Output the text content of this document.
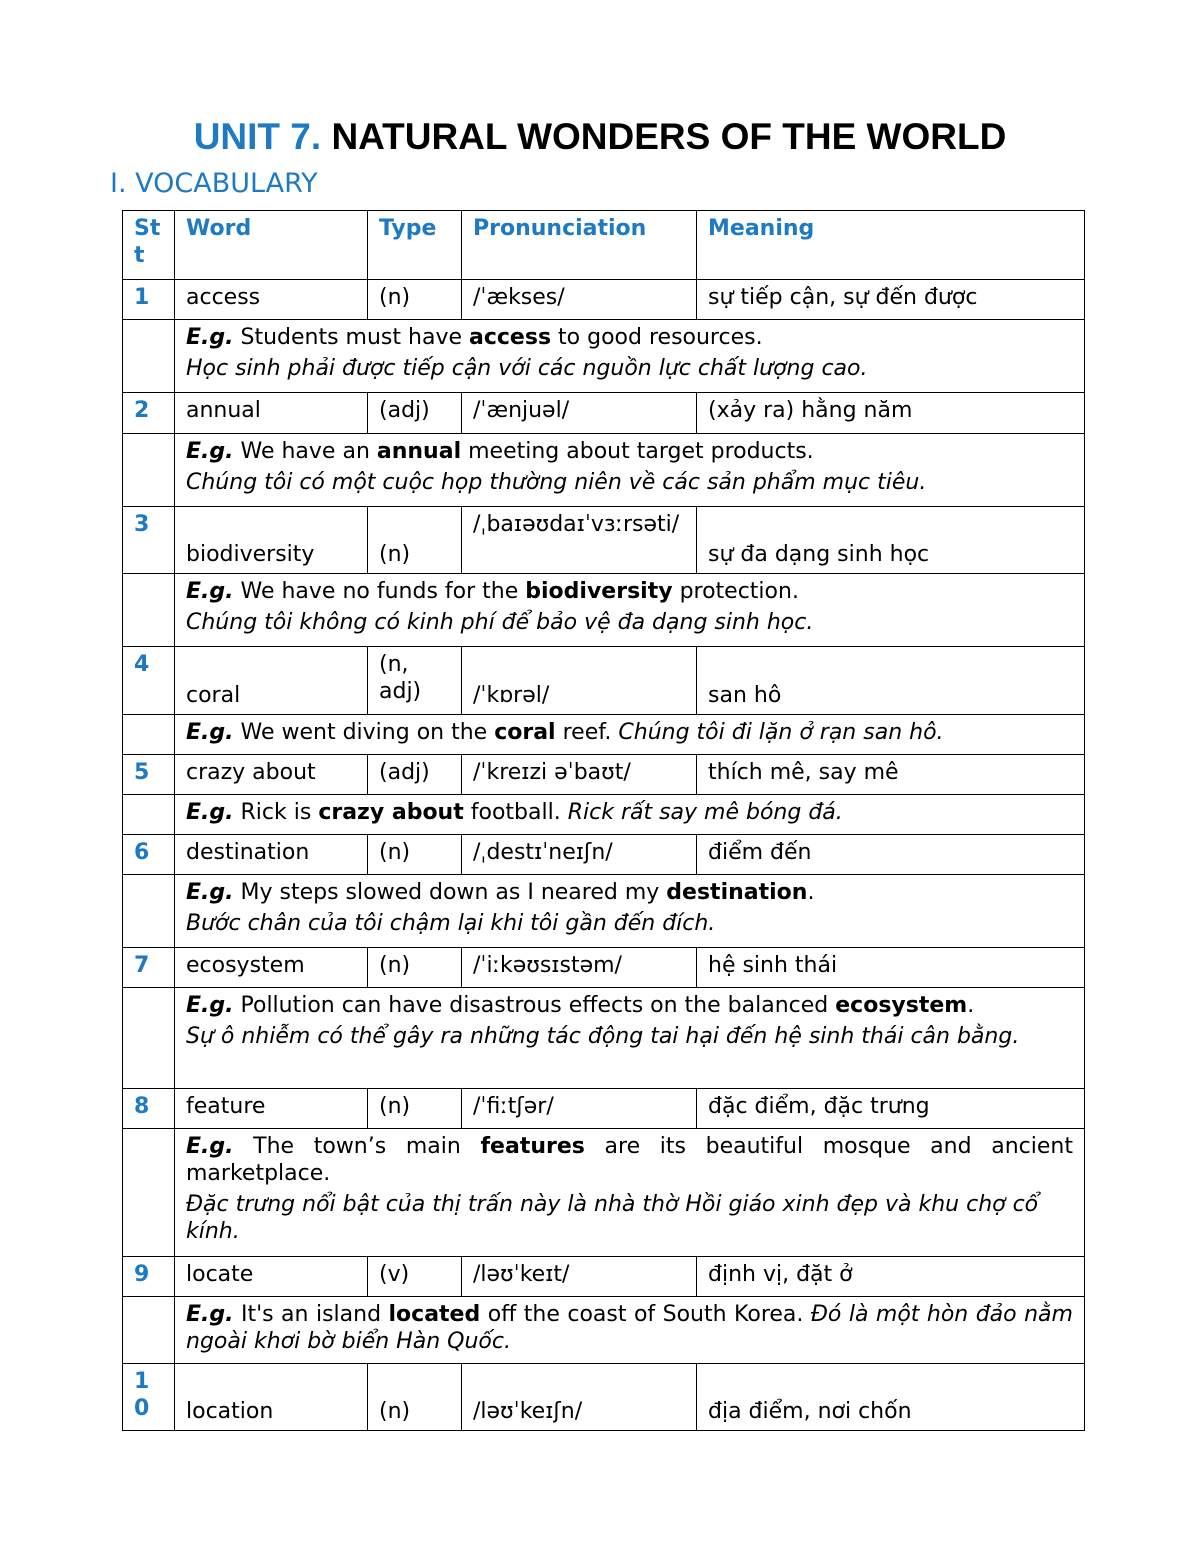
UNIT 7. NATURAL WONDERS OF THE WORLD
I. VOCABULARY
St t	Word	Type	Pronunciation	Meaning
1	access	(n)	/ˈækses/	sự tiếp cận, sự đến được

	E.g. Students must have access to good resources.
Học sinh phải được tiếp cận với các nguồn lực chất lượng cao.			

2	annual	(adj)	/ˈænjuəl/	(xảy ra) hằng năm

	E.g. We have an annual meeting about target products.
Chúng tôi có một cuộc họp thường niên về các sản phẩm mục tiêu.			

3	biodiversity	(n)	/ˌbaɪəʊdaɪˈvɜːrsəti/	sự đa dạng sinh học

	E.g. We have no funds for the biodiversity protection.
Chúng tôi không có kinh phí để bảo vệ đa dạng sinh học.			

4	coral	(n, adj)	/ˈkɒrəl/	san hô
	E.g. We went diving on the coral reef. Chúng tôi đi lặn ở rạn san hô.			
5	crazy about	(adj)	/ˈkreɪzi əˈbaʊt/	thích mê, say mê
	E.g. Rick is crazy about football. Rick rất say mê bóng đá.			
6	destination	(n)	/ˌdestɪˈneɪʃn/	điểm đến

	E.g. My steps slowed down as I neared my destination.
Bước chân của tôi chậm lại khi tôi gần đến đích.			

7	ecosystem	(n)	/ˈiːkəʊsɪstəm/	hệ sinh thái

	E.g. Pollution can have disastrous effects on the balanced ecosystem.
Sự ô nhiễm có thể gây ra những tác động tai hại đến hệ sinh thái cân bằng.			

8	feature	(n)	/ˈfiːtʃər/	đặc điểm, đặc trưng

	E.g. The town’s main features are its beautiful mosque and ancient marketplace.
Đặc trưng nổi bật của thị trấn này là nhà thờ Hồi giáo xinh đẹp và khu chợ cổ kính.			

9	locate	(v)	/ləʊˈkeɪt/	định vị, đặt ở
	E.g. It's an island located off the coast of South Korea. Đó là một hòn đảo nằm ngoài khơi bờ biển Hàn Quốc.			
10	location	(n)	/ləʊˈkeɪʃn/	địa điểm, nơi chốn
